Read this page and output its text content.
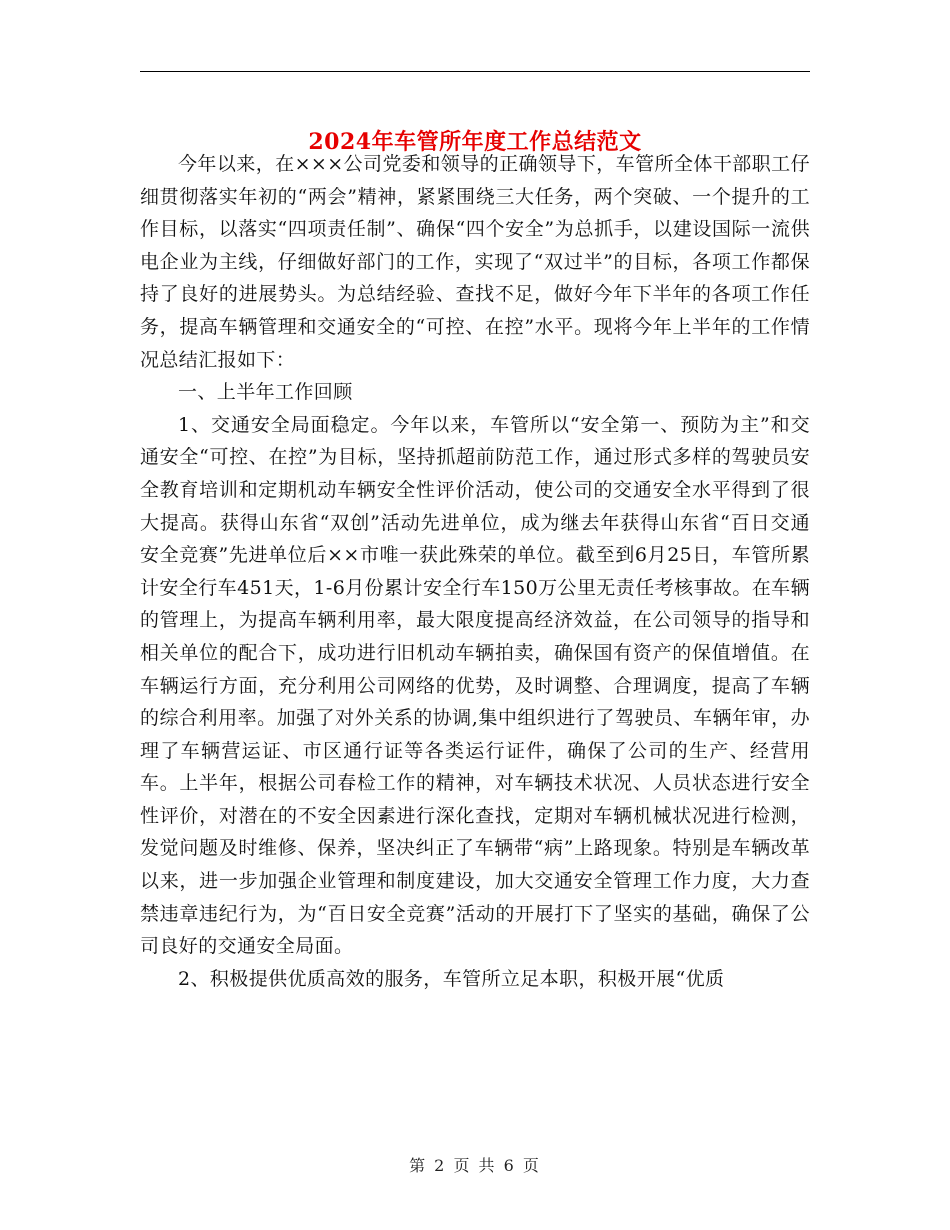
2024年车管所年度工作总结范文

今年以来，在×××公司党委和领导的正确领导下，车管所全体干部职工仔细贯彻落实年初的“两会”精神，紧紧围绕三大任务，两个突破、一个提升的工作目标，以落实“四项责任制”、确保“四个安全”为总抓手，以建设国际一流供电企业为主线，仔细做好部门的工作，实现了“双过半”的目标，各项工作都保持了良好的进展势头。为总结经验、查找不足，做好今年下半年的各项工作任务，提高车辆管理和交通安全的“可控、在控”水平。现将今年上半年的工作情况总结汇报如下：

一、上半年工作回顾

1、交通安全局面稳定。今年以来，车管所以“安全第一、预防为主”和交通安全“可控、在控”为目标，坚持抓超前防范工作，通过形式多样的驾驶员安全教育培训和定期机动车辆安全性评价活动，使公司的交通安全水平得到了很大提高。获得山东省“双创”活动先进单位，成为继去年获得山东省“百日交通安全竞赛”先进单位后××市唯一获此殊荣的单位。截至到6月25日，车管所累计安全行车451天，1-6月份累计安全行车150万公里无责任考核事故。在车辆的管理上，为提高车辆利用率，最大限度提高经济效益，在公司领导的指导和相关单位的配合下，成功进行旧机动车辆拍卖，确保国有资产的保值增值。在车辆运行方面，充分利用公司网络的优势，及时调整、合理调度，提高了车辆的综合利用率。加强了对外关系的协调,集中组织进行了驾驶员、车辆年审，办理了车辆营运证、市区通行证等各类运行证件，确保了公司的生产、经营用车。上半年，根据公司春检工作的精神，对车辆技术状况、人员状态进行安全性评价，对潜在的不安全因素进行深化查找，定期对车辆机械状况进行检测，发觉问题及时维修、保养，坚决纠正了车辆带“病”上路现象。特别是车辆改革以来，进一步加强企业管理和制度建设，加大交通安全管理工作力度，大力查禁违章违纪行为，为“百日安全竞赛”活动的开展打下了坚实的基础，确保了公司良好的交通安全局面。

2、积极提供优质高效的服务，车管所立足本职，积极开展“优质

第 2 页 共 6 页
